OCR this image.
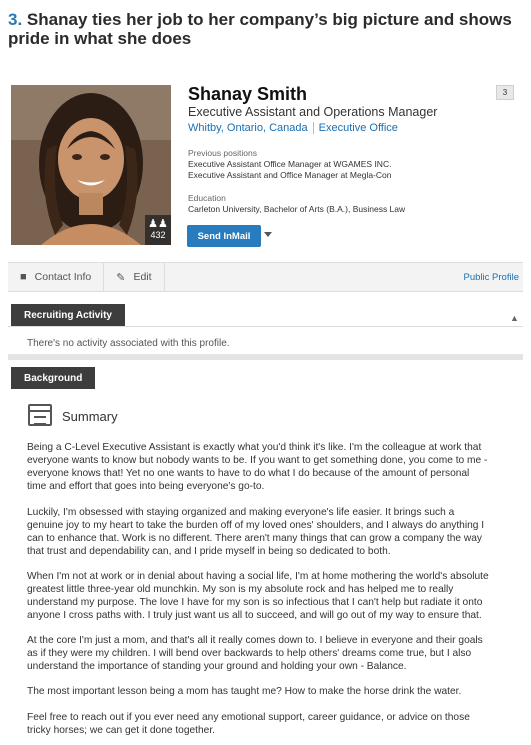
3. Shanay ties her job to her company’s big picture and shows pride in what she does
♟♟
432
Shanay Smith
Executive Assistant and Operations Manager
Whitby, Ontario, Canada Executive Office
3
Previous positions
Executive Assistant Office Manager at WGAMES INC.
Executive Assistant and Office Manager at Megla-Con
Education
Carleton University, Bachelor of Arts (B.A.), Business Law
Send InMail
■ Contact Info ✎ Edit	Public Profile
Recruiting Activity	▲
There's no activity associated with this profile.
Background
Summary
Being a C-Level Executive Assistant is exactly what you'd think it's like. I'm the colleague at work that
everyone wants to know but nobody wants to be. If you want to get something done, you come to me -
everyone knows that! Yet no one wants to have to do what I do because of the amount of personal
time and effort that goes into being everyone's go-to.
Luckily, I'm obsessed with staying organized and making everyone's life easier. It brings such a
genuine joy to my heart to take the burden off of my loved ones' shoulders, and I always do anything I
can to enhance that. Work is no different. There aren't many things that can grow a company the way
that trust and dependability can, and I pride myself in being so dedicated to both.
When I'm not at work or in denial about having a social life, I'm at home mothering the world's absolute
greatest little three-year old munchkin. My son is my absolute rock and has helped me to really
understand my purpose. The love I have for my son is so infectious that I can't help but radiate it onto
anyone I cross paths with. I truly just want us all to succeed, and will go out of my way to ensure that.
At the core I'm just a mom, and that's all it really comes down to. I believe in everyone and their goals
as if they were my children. I will bend over backwards to help others' dreams come true, but I also
understand the importance of standing your ground and holding your own - Balance.
The most important lesson being a mom has taught me? How to make the horse drink the water.
Feel free to reach out if you ever need any emotional support, career guidance, or advice on those
tricky horses; we can get it done together.
